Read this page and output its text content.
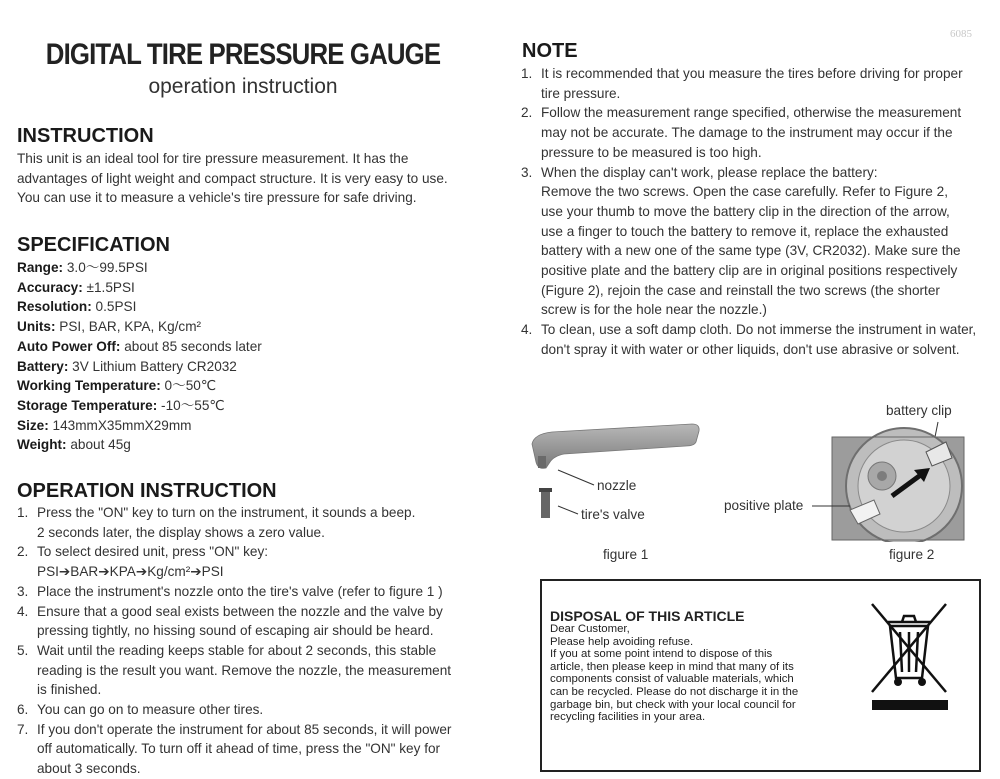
6085
DIGITAL TIRE PRESSURE GAUGE
operation instruction
INSTRUCTION
This unit is an ideal tool for tire pressure measurement. It has the
advantages of light weight and compact structure. It is very easy to use.
You can use it to measure a vehicle's tire pressure for safe driving.
SPECIFICATION
Range: 3.0～99.5PSI
Accuracy: ±1.5PSI
Resolution: 0.5PSI
Units: PSI, BAR, KPA, Kg/cm²
Auto Power Off: about 85 seconds later
Battery: 3V Lithium Battery CR2032
Working Temperature: 0～50℃
Storage Temperature: -10～55℃
Size: 143mmX35mmX29mm
Weight: about 45g
OPERATION INSTRUCTION
1. Press the "ON" key to turn on the instrument, it sounds a beep.
2 seconds later, the display shows a zero value.
2. To select desired unit, press "ON" key:
PSI➔BAR➔KPA➔Kg/cm²➔PSI
3. Place the instrument's nozzle onto the tire's valve (refer to figure 1 )
4. Ensure that a good seal exists between the nozzle and the valve by
pressing tightly, no hissing sound of escaping air should be heard.
5. Wait until the reading keeps stable for about 2 seconds, this stable
reading is the result you want. Remove the nozzle, the measurement
is finished.
6. You can go on to measure other tires.
7. If you don't operate the instrument for about 85 seconds, it will power
off automatically. To turn off it ahead of time, press the "ON" key for
about 3 seconds.
NOTE
1. It is recommended that you measure the tires before driving for proper
tire pressure.
2. Follow the measurement range specified, otherwise the measurement
may not be accurate. The damage to the instrument may occur if the
pressure to be measured is too high.
3. When the display can't work, please replace the battery:
Remove the two screws. Open the case carefully. Refer to Figure 2,
use your thumb to move the battery clip in the direction of the arrow,
use a finger to touch the battery to remove it, replace the exhausted
battery with a new one of the same type (3V, CR2032). Make sure the
positive plate and the battery clip are in original positions respectively
(Figure 2), rejoin the case and reinstall the two screws (the shorter
screw is for the hole near the nozzle.)
4. To clean, use a soft damp cloth. Do not immerse the instrument in water,
don't spray it with water or other liquids, don't use abrasive or solvent.
nozzle
tire's valve
figure 1
battery clip
positive plate
figure 2
DISPOSAL OF THIS ARTICLE
Dear Customer,
Please help avoiding refuse.
If you at some point intend to dispose of this
article, then please keep in mind that many of its
components consist of valuable materials, which
can be recycled. Please do not discharge it in the
garbage bin, but check with your local council for
recycling facilities in your area.
